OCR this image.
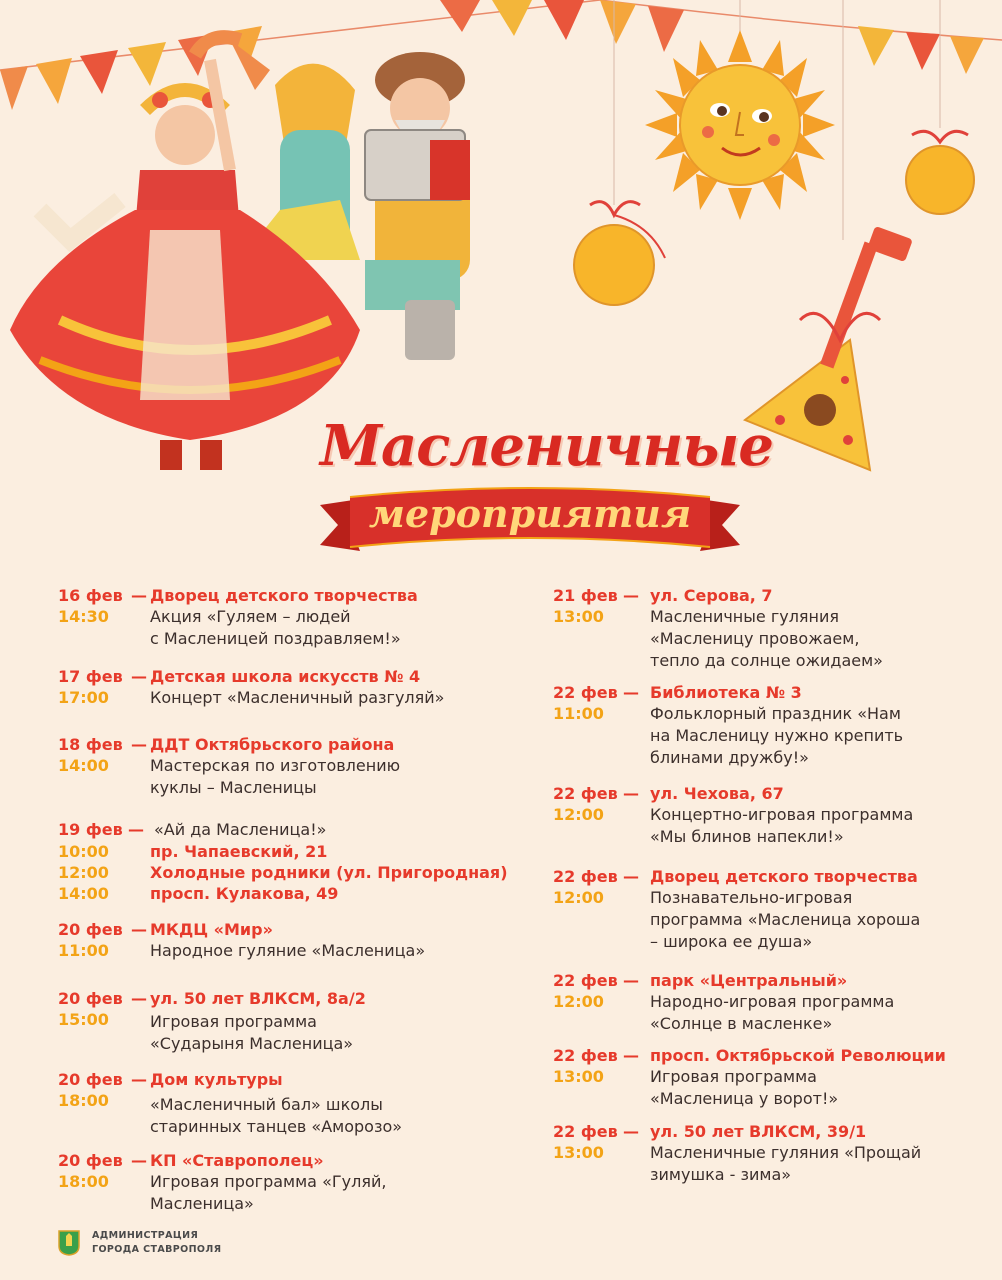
Масленичные
мероприятия
16 фев —
14:30
Дворец детского творчества
Акция «Гуляем – людей
с Масленицей поздравляем!»
17 фев —
17:00
Детская школа искусств № 4
Концерт «Масленичный разгуляй»
18 фев —
14:00
ДДТ Октябрьского района
Мастерская по изготовлению
куклы – Масленицы
19 фев —
10:00
12:00
14:00
«Ай да Масленица!»
пр. Чапаевский, 21
Холодные родники (ул. Пригородная)
просп. Кулакова, 49
20 фев —
11:00
МКДЦ «Мир»
Народное гуляние «Масленица»
20 фев —
15:00
ул. 50 лет ВЛКСМ, 8а/2
Игровая программа
«Сударыня Масленица»
20 фев —
18:00
Дом культуры
«Масленичный бал» школы
старинных танцев «Аморозо»
20 фев —
18:00
КП «Ставрополец»
Игровая программа «Гуляй,
Масленица»
21 фев —
13:00
ул. Серова, 7
Масленичные гуляния
«Масленицу провожаем,
тепло да солнце ожидаем»
22 фев —
11:00
Библиотека № 3
Фольклорный праздник «Нам
на Масленицу нужно крепить
блинами дружбу!»
22 фев —
12:00
ул. Чехова, 67
Концертно-игровая программа
«Мы блинов напекли!»
22 фев —
12:00
Дворец детского творчества
Познавательно-игровая
программа «Масленица хороша
– широка ее душа»
22 фев —
12:00
парк «Центральный»
Народно-игровая программа
«Солнце в масленке»
22 фев —
13:00
просп. Октябрьской Революции
Игровая программа
«Масленица у ворот!»
22 фев —
13:00
ул. 50 лет ВЛКСМ, 39/1
Масленичные гуляния «Прощай
зимушка - зима»
АДМИНИСТРАЦИЯ
ГОРОДА СТАВРОПОЛЯ
